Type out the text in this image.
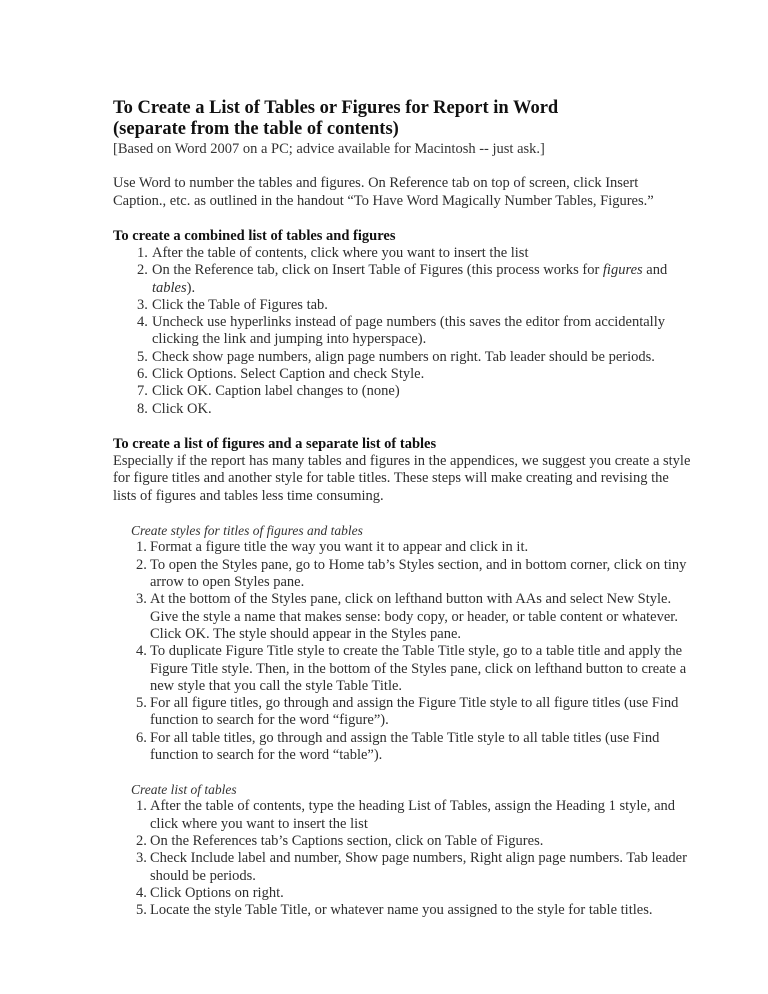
To Create a List of Tables or Figures for Report in Word

(separate from the table of contents)

[Based on Word 2007 on a PC; advice available for Macintosh -- just ask.]

Use Word to number the tables and figures. On Reference tab on top of screen, click Insert Caption., etc. as outlined in the handout “To Have Word Magically Number Tables, Figures.”

To create a combined list of tables and figures
1. After the table of contents, click where you want to insert the list
2. On the Reference tab, click on Insert Table of Figures (this process works for figures and tables).
3. Click the Table of Figures tab.
4. Uncheck use hyperlinks instead of page numbers (this saves the editor from accidentally clicking the link and jumping into hyperspace).
5. Check show page numbers, align page numbers on right. Tab leader should be periods.
6. Click Options. Select Caption and check Style.
7. Click OK. Caption label changes to (none)
8. Click OK.
To create a list of figures and a separate list of tables

Especially if the report has many tables and figures in the appendices, we suggest you create a style for figure titles and another style for table titles. These steps will make creating and revising the lists of figures and tables less time consuming.

Create styles for titles of figures and tables

1. Format a figure title the way you want it to appear and click in it.
2. To open the Styles pane, go to Home tab’s Styles section, and in bottom corner, click on tiny arrow to open Styles pane.
3. At the bottom of the Styles pane, click on lefthand button with AAs and select New Style. Give the style a name that makes sense: body copy, or header, or table content or whatever. Click OK. The style should appear in the Styles pane.
4. To duplicate Figure Title style to create the Table Title style, go to a table title and apply the Figure Title style. Then, in the bottom of the Styles pane, click on lefthand button to create a new style that you call the style Table Title.
5. For all figure titles, go through and assign the Figure Title style to all figure titles (use Find function to search for the word “figure”).
6. For all table titles, go through and assign the Table Title style to all table titles (use Find function to search for the word “table”).

Create list of tables

1. After the table of contents, type the heading List of Tables, assign the Heading 1 style, and click where you want to insert the list
2. On the References tab’s Captions section, click on Table of Figures.
3. Check Include label and number, Show page numbers, Right align page numbers. Tab leader should be periods.
4. Click Options on right.
5. Locate the style Table Title, or whatever name you assigned to the style for table titles.
